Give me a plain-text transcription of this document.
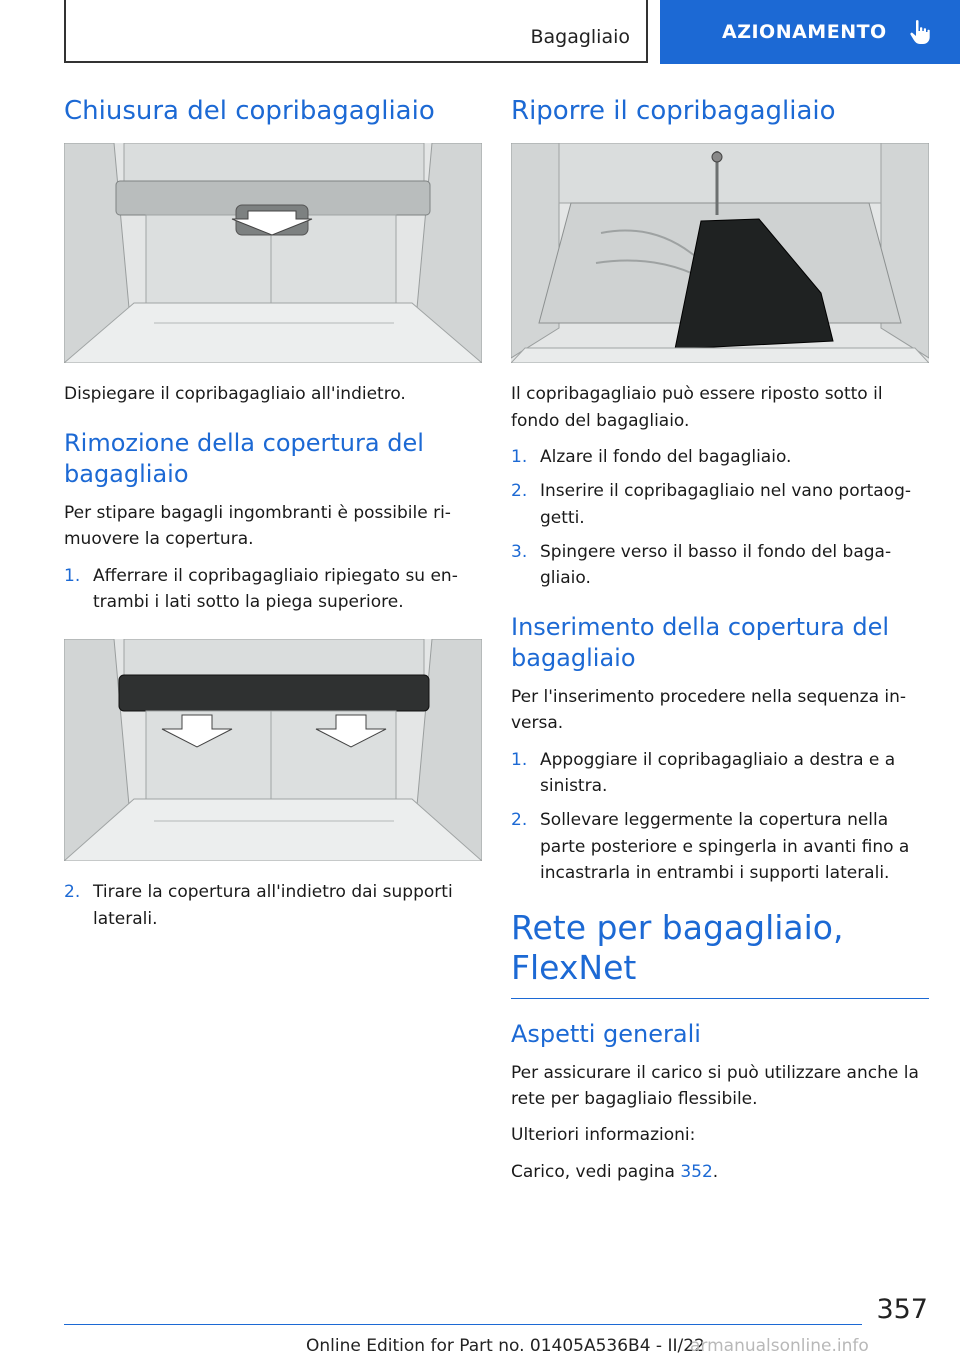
Bagagliaio	AZIONAMENTO
Chiusura del copribagagliaio

Dispiegare il copribagagliaio all'indietro.

Rimozione della copertura del bagagliaio

Per stipare bagagli ingombranti è possibile ri-muovere la copertura.

1. Afferrare il copribagagliaio ripiegato su en-trambi i lati sotto la piega superiore.
2. Tirare la copertura all'indietro dai supporti laterali.
Riporre il copribagagliaio

Il copribagagliaio può essere riposto sotto il fondo del bagagliaio.

1. Alzare il fondo del bagagliaio.
2. Inserire il copribagagliaio nel vano portaog-getti.
3. Spingere verso il basso il fondo del baga-gliaio.
Inserimento della copertura del bagagliaio

Per l'inserimento procedere nella sequenza in-versa.

1. Appoggiare il copribagagliaio a destra e a sinistra.
2. Sollevare leggermente la copertura nella parte posteriore e spingerla in avanti fino a incastrarla in entrambi i supporti laterali.
Rete per bagagliaio, FlexNet
Aspetti generali

Per assicurare il carico si può utilizzare anche la rete per bagagliaio flessibile.

Ulteriori informazioni:

Carico, vedi pagina 352.

357
Online Edition for Part no. 01405A536B4 - II/22
armanualsonline.info
